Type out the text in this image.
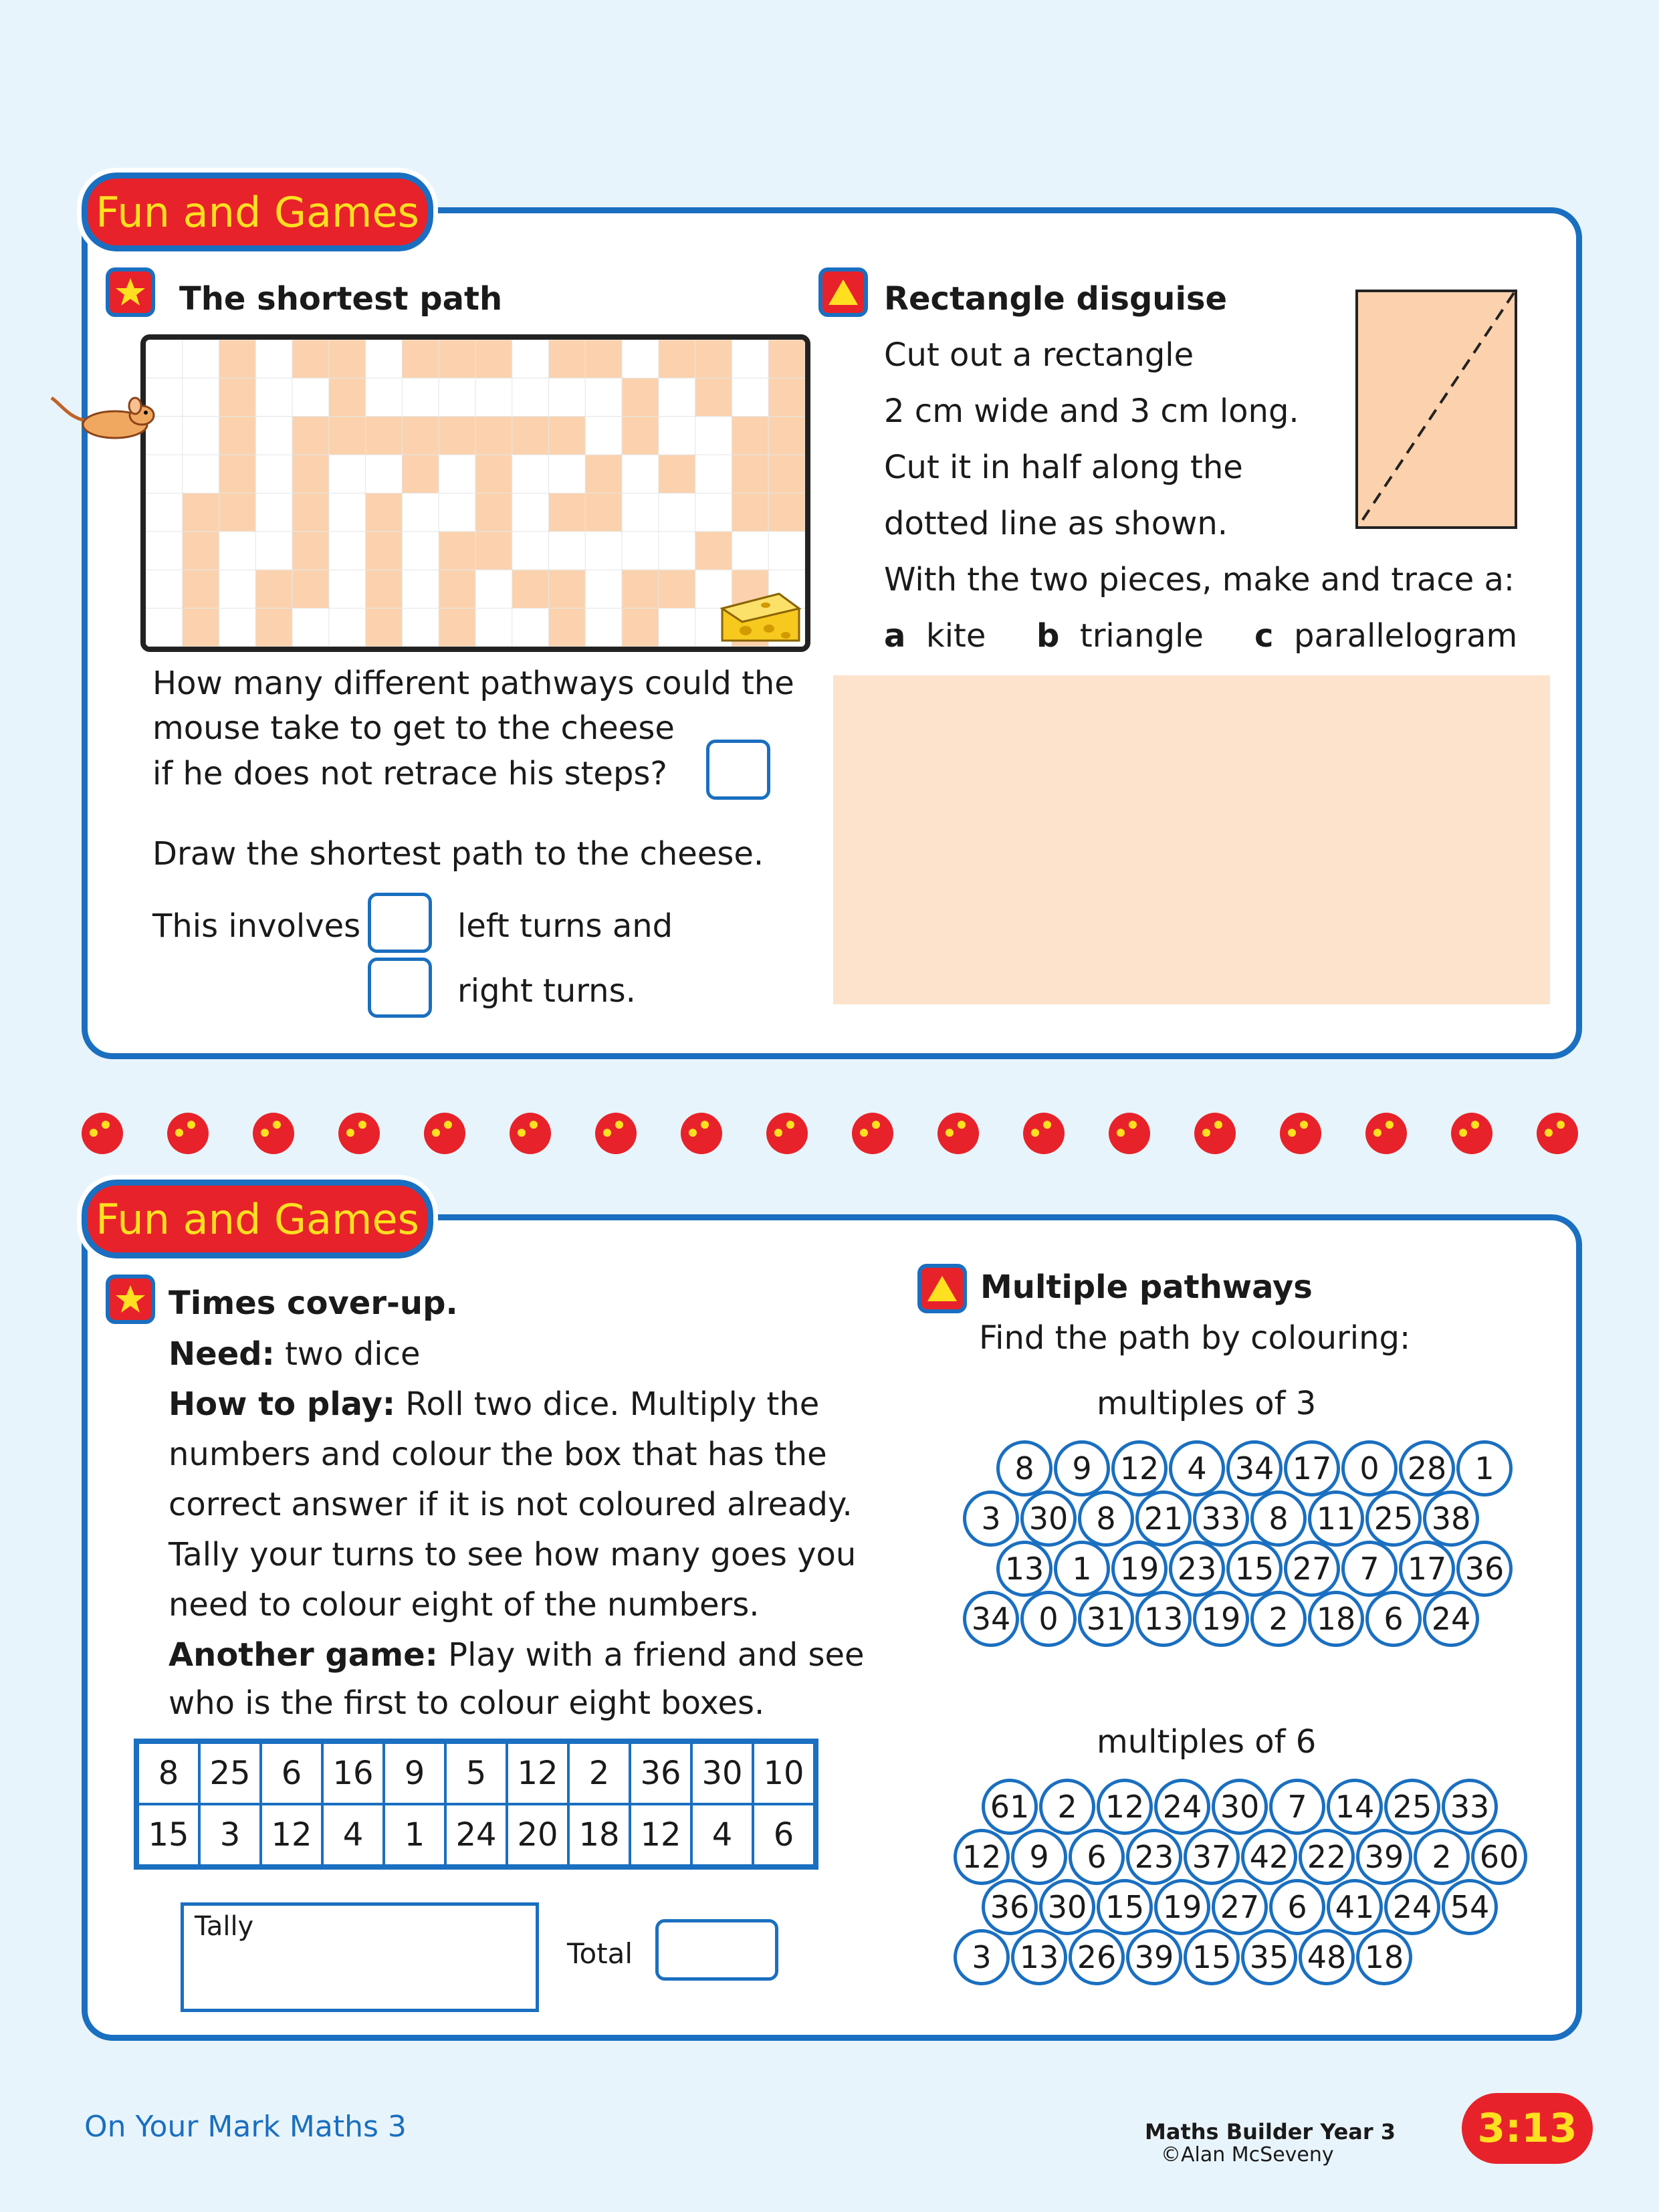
Fun and Games
The shortest path
How many different pathways could the
mouse take to get to the cheese
if he does not retrace his steps?
Draw the shortest path to the cheese.
This involves	left turns and
right turns.
Rectangle disguise
Cut out a rectangle
2 cm wide and 3 cm long.
Cut it in half along the
dotted line as shown.
With the two pieces, make and trace a:
a kite b triangle c parallelogram
Fun and Games
Times cover-up.
Need: two dice
How to play: Roll two dice. Multiply the
numbers and colour the box that has the
correct answer if it is not coloured already.
Tally your turns to see how many goes you
need to colour eight of the numbers.
Another game: Play with a friend and see
who is the first to colour eight boxes.
8	25	6	16	9	5	12	2	36	30	10
15	3	12	4	1	24	20	18	12	4	6
Tally
Total
Multiple pathways
Find the path by colouring:
multiples of 3
8	9 12 4 34 17 0 28 1
3 30 8 21 33 8 11 25 38
13 1 19 23 15 27 7 17 36
34 0 31 13 19 2 18 6 24
multiples of 6
61 2 12 24 30 7 14 25 33
12 9	6 23 37 42 22 39 2 60
36 30 15 19 27 6 41 24 54
3 13 26 39 15 35 48 18
On Your Mark Maths 3	Maths Builder Year 3
©Alan McSeveny
3:13
